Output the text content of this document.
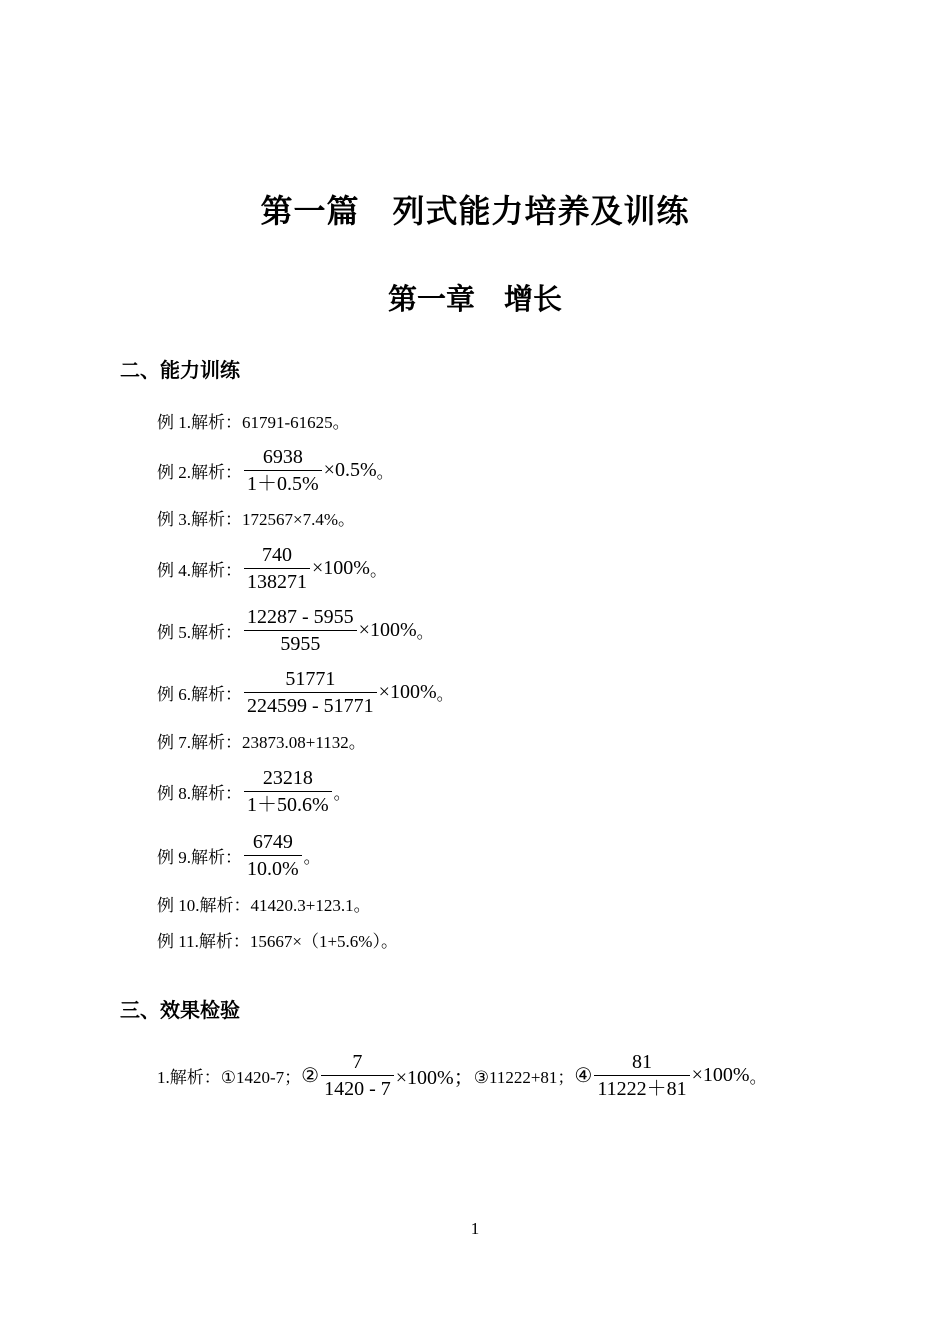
第一篇　列式能力培养及训练
第一章　增长
二、能力训练
例 1.解析：61791-61625。
例 2.解析： $\frac{6938}{1+0.5\%} \times 0.5\%$ 。
例 3.解析：172567×7.4%。
例 4.解析： $\frac{740}{138271} \times 100\%$ 。
例 5.解析： $\frac{12287 - 5955}{5955} \times 100\%$ 。
例 6.解析： $\frac{51771}{224599 - 51771} \times 100\%$ 。
例 7.解析：23873.08+1132。
例 8.解析： $\frac{23218}{1+50.6\%}$ 。
例 9.解析： $\frac{6749}{10.0\%}$ 。
例 10.解析：41420.3+123.1。
例 11.解析：15667×（1+5.6%）。
三、效果检验
1.解析： ①1420-7； ② $\frac{7}{1420 - 7} \times 100\%$； ③11222+81； ④ $\frac{81}{11222+81} \times 100\%$ 。
1
